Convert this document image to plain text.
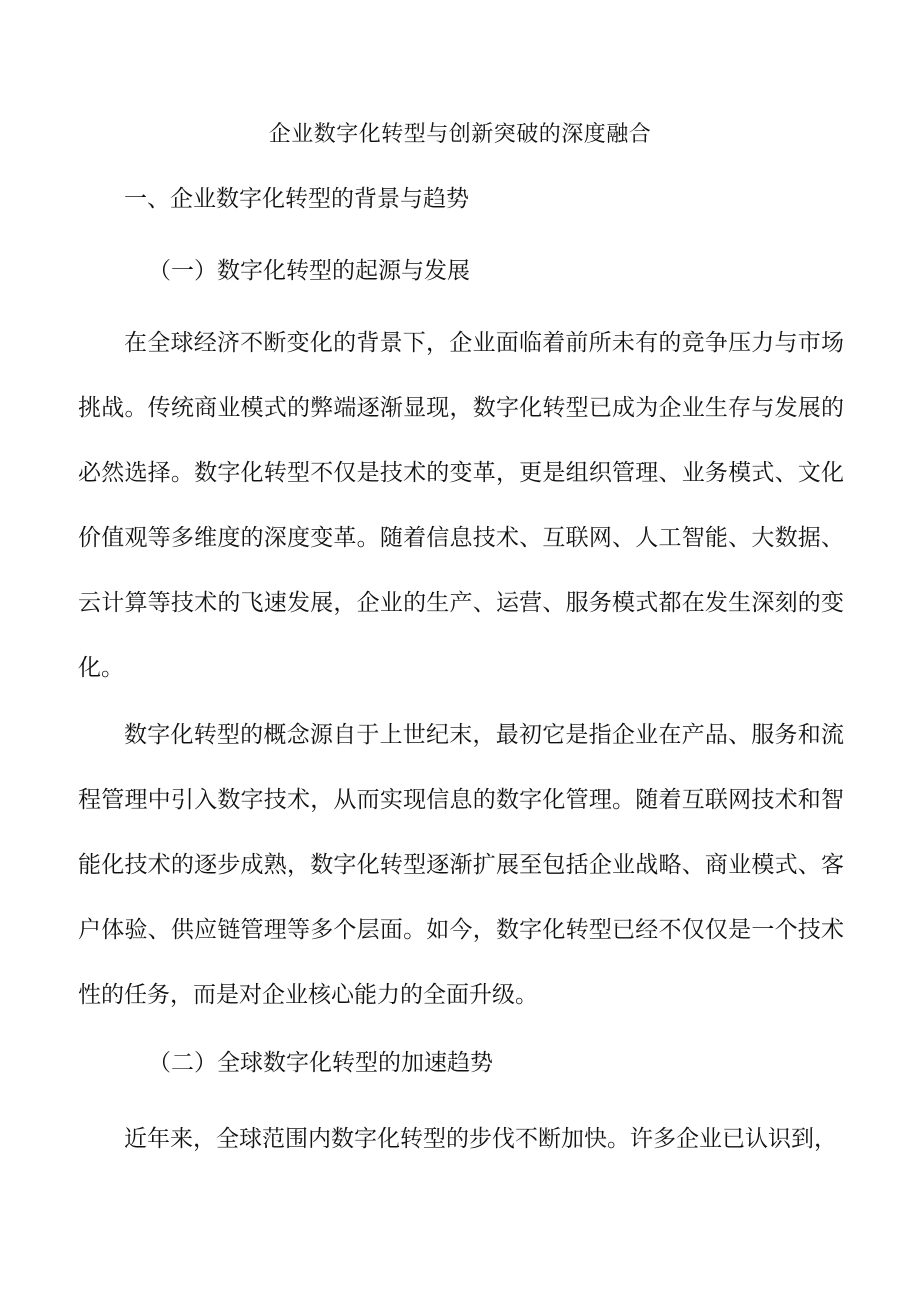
企业数字化转型与创新突破的深度融合
一、企业数字化转型的背景与趋势
（一）数字化转型的起源与发展

在全球经济不断变化的背景下，企业面临着前所未有的竞争压力与市场挑战。传统商业模式的弊端逐渐显现，数字化转型已成为企业生存与发展的必然选择。数字化转型不仅是技术的变革，更是组织管理、业务模式、文化价值观等多维度的深度变革。随着信息技术、互联网、人工智能、大数据、云计算等技术的飞速发展，企业的生产、运营、服务模式都在发生深刻的变化。

数字化转型的概念源自于上世纪末，最初它是指企业在产品、服务和流程管理中引入数字技术，从而实现信息的数字化管理。随着互联网技术和智能化技术的逐步成熟，数字化转型逐渐扩展至包括企业战略、商业模式、客户体验、供应链管理等多个层面。如今，数字化转型已经不仅仅是一个技术性的任务，而是对企业核心能力的全面升级。

（二）全球数字化转型的加速趋势

近年来，全球范围内数字化转型的步伐不断加快。许多企业已认识到，
